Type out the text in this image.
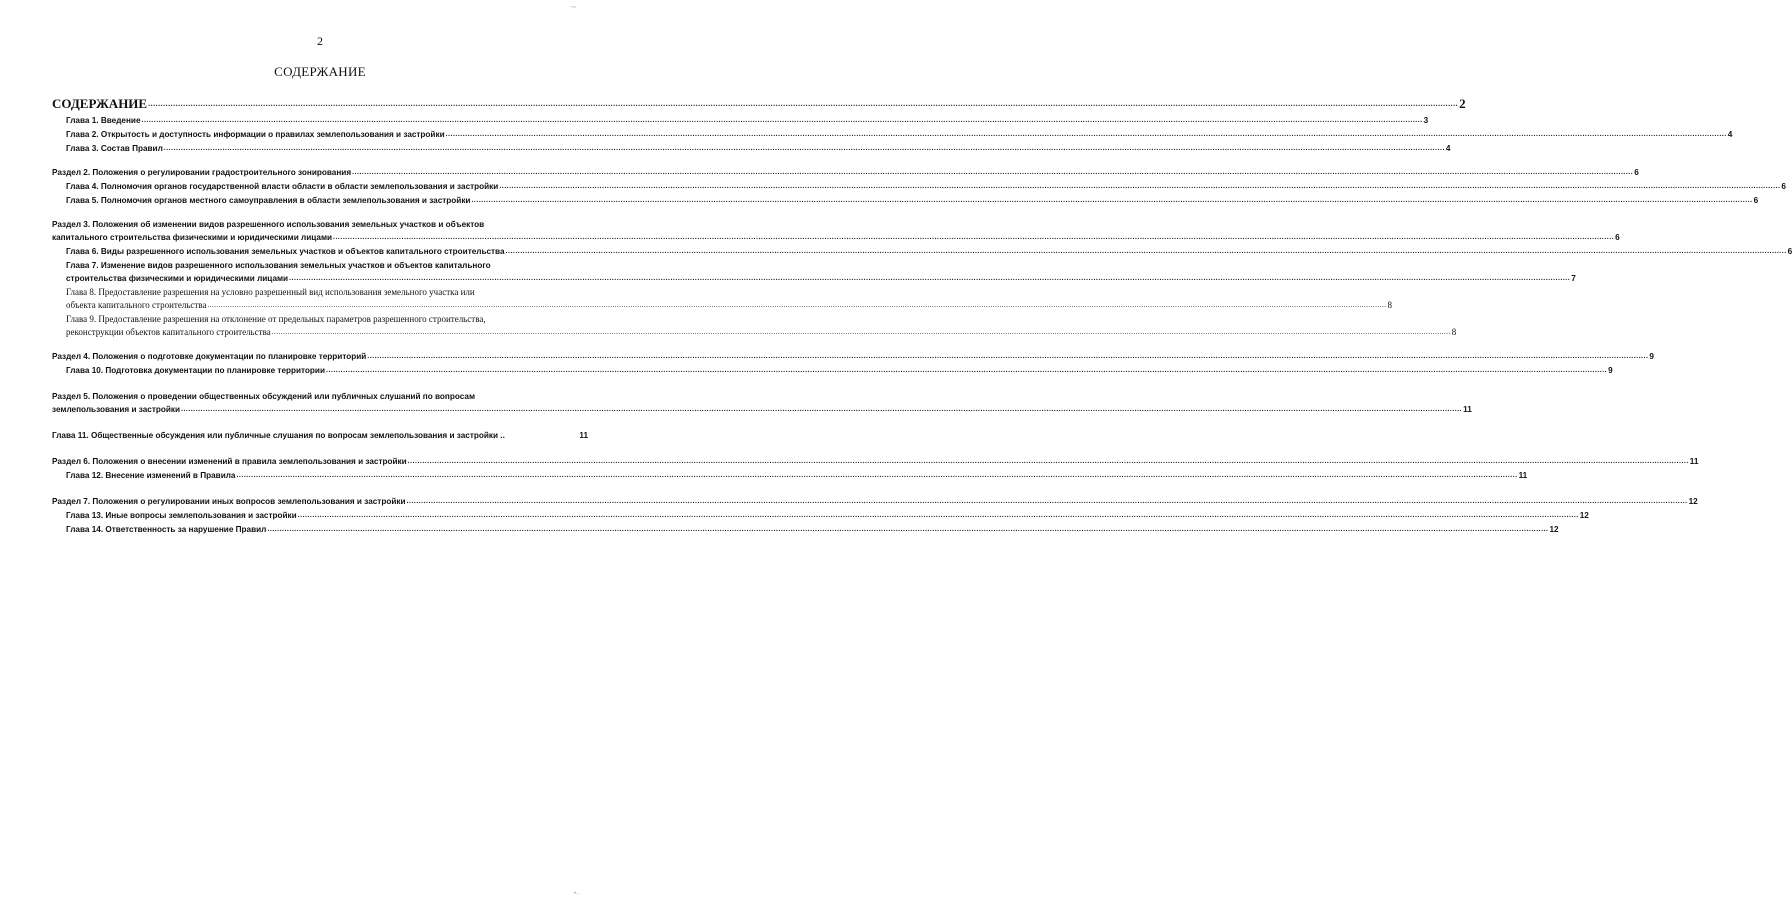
.,,
2
СОДЕРЖАНИЕ
СОДЕРЖАНИЕ ............................................................................................................................................................................................................................................................................................................................................................................................................................................................................................................................................ 2
Глава 1. Введение ............................................................................................................................................................................................................................................................................................................................................................................................................................................................................................................................................ 3
Глава 2. Открытость и доступность информации о правилах землепользования и застройки ............................................................................................................................................................................................................................................................................................................................................................................................................................................................................................................................................ 4
Глава 3. Состав Правил ............................................................................................................................................................................................................................................................................................................................................................................................................................................................................................................................................ 4
Раздел 2. Положения о регулировании градостроительного зонирования ............................................................................................................................................................................................................................................................................................................................................................................................................................................................................................................................................ 6
Глава 4. Полномочия органов государственной власти области в области землепользования и застройки ............................................................................................................................................................................................................................................................................................................................................................................................................................................................................................................................................ 6
Глава 5. Полномочия органов местного самоуправления в области землепользования и застройки ............................................................................................................................................................................................................................................................................................................................................................................................................................................................................................................................................ 6
Раздел 3. Положения об изменении видов разрешенного использования земельных участков и объектов
капитального строительства физическими и юридическими лицами ............................................................................................................................................................................................................................................................................................................................................................................................................................................................................................................................................ 6
Глава 6. Виды разрешенного использования земельных участков и объектов капитального строительства ............................................................................................................................................................................................................................................................................................................................................................................................................................................................................................................................................ 6
Глава 7. Изменение видов разрешенного использования земельных участков и объектов капитального
строительства физическими и юридическими лицами ............................................................................................................................................................................................................................................................................................................................................................................................................................................................................................................................................ 7
Глава 8. Предоставление разрешения на условно разрешенный вид использования земельного участка или
объекта капитального строительства ............................................................................................................................................................................................................................................................................................................................................................................................................................................................................................................................................ 8
Глава 9. Предоставление разрешения на отклонение от предельных параметров разрешенного строительства,
реконструкции объектов капитального строительства ............................................................................................................................................................................................................................................................................................................................................................................................................................................................................................................................................ 8
Раздел 4. Положения о подготовке документации по планировке территорий ............................................................................................................................................................................................................................................................................................................................................................................................................................................................................................................................................ 9
Глава 10. Подготовка документации по планировке территории ............................................................................................................................................................................................................................................................................................................................................................................................................................................................................................................................................ 9
Раздел 5. Положения о проведении общественных обсуждений или публичных слушаний по вопросам
землепользования и застройки ............................................................................................................................................................................................................................................................................................................................................................................................................................................................................................................................................ 11
Глава 11. Общественные обсуждения или публичные слушания по вопросам землепользования и застройки ..	11
Раздел 6. Положения о внесении изменений в правила землепользования и застройки ............................................................................................................................................................................................................................................................................................................................................................................................................................................................................................................................................ 11
Глава 12. Внесение изменений в Правила ............................................................................................................................................................................................................................................................................................................................................................................................................................................................................................................................................ 11
Раздел 7. Положения о регулировании иных вопросов землепользования и застройки ............................................................................................................................................................................................................................................................................................................................................................................................................................................................................................................................................ 12
Глава 13. Иные вопросы землепользования и застройки ............................................................................................................................................................................................................................................................................................................................................................................................................................................................................................................................................ 12
Глава 14. Ответственность за нарушение Правил ............................................................................................................................................................................................................................................................................................................................................................................................................................................................................................................................................ 12
•··
